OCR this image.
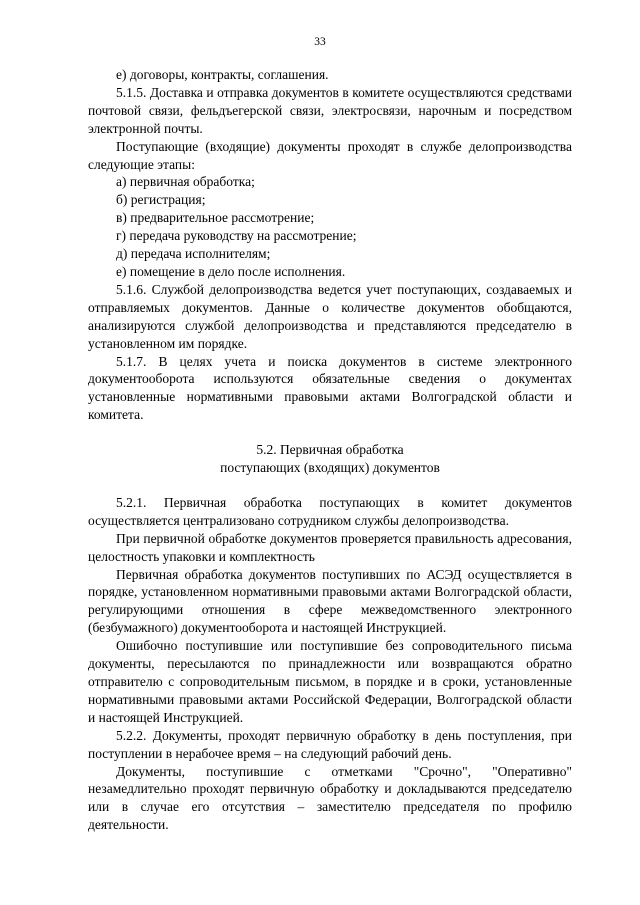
33

е) договоры, контракты, соглашения.

5.1.5. Доставка и отправка документов в комитете осуществляются средствами почтовой связи, фельдъегерской связи, электросвязи, нарочным и посредством электронной почты.

Поступающие (входящие) документы проходят в службе делопроизводства следующие этапы:

а) первичная обработка;
б) регистрация;
в) предварительное рассмотрение;
г) передача руководству на рассмотрение;
д) передача исполнителям;
е) помещение в дело после исполнения.

5.1.6. Службой делопроизводства ведется учет поступающих, создаваемых и отправляемых документов. Данные о количестве документов обобщаются, анализируются службой делопроизводства и представляются председателю в установленном им порядке.

5.1.7. В целях учета и поиска документов в системе электронного документооборота используются обязательные сведения о документах установленные нормативными правовыми актами Волгоградской области и комитета.

5.2. Первичная обработка

поступающих (входящих) документов

5.2.1. Первичная обработка поступающих в комитет документов осуществляется централизовано сотрудником службы делопроизводства.

При первичной обработке документов проверяется правильность адресования, целостность упаковки и комплектность

Первичная обработка документов поступивших по АСЭД осуществляется в порядке, установленном нормативными правовыми актами Волгоградской области, регулирующими отношения в сфере межведомственного электронного (безбумажного) документооборота и настоящей Инструкцией.

Ошибочно поступившие или поступившие без сопроводительного письма документы, пересылаются по принадлежности или возвращаются обратно отправителю с сопроводительным письмом, в порядке и в сроки, установленные нормативными правовыми актами Российской Федерации, Волгоградской области и настоящей Инструкцией.

5.2.2. Документы, проходят первичную обработку в день поступления, при поступлении в нерабочее время – на следующий рабочий день.

Документы, поступившие с отметками "Срочно", "Оперативно" незамедлительно проходят первичную обработку и докладываются председателю или в случае его отсутствия – заместителю председателя по профилю деятельности.
